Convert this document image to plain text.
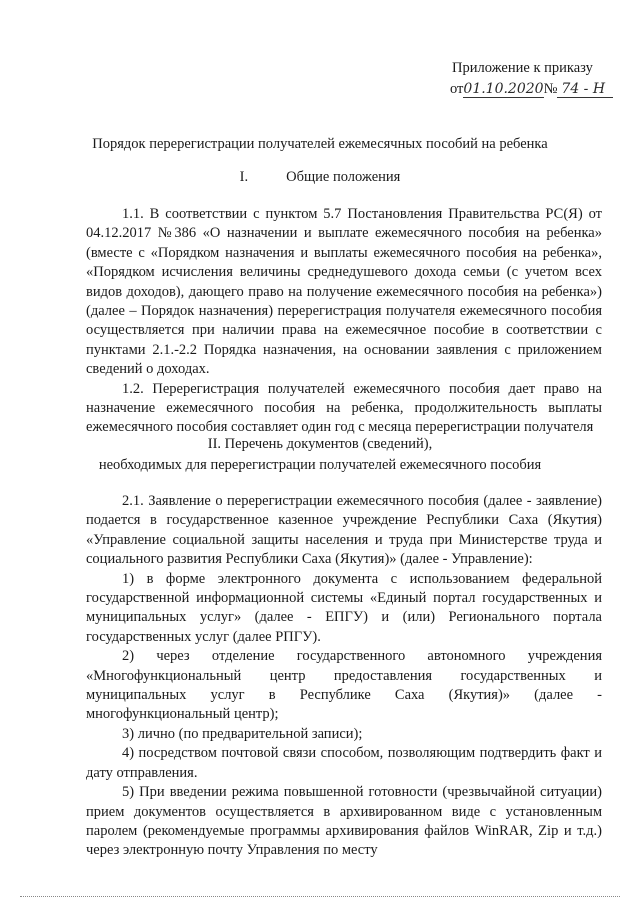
Приложение к приказу
от 01.10.2020 № 74 - Н
Порядок перерегистрации получателей ежемесячных пособий на ребенка
I.	Общие положения

1.1. В соответствии с пунктом 5.7 Постановления Правительства РС(Я) от 04.12.2017 №386 «О назначении и выплате ежемесячного пособия на ребенка» (вместе с «Порядком назначения и выплаты ежемесячного пособия на ребенка», «Порядком исчисления величины среднедушевого дохода семьи (с учетом всех видов доходов), дающего право на получение ежемесячного пособия на ребенка») (далее – Порядок назначения) перерегистрация получателя ежемесячного пособия осуществляется при наличии права на ежемесячное пособие в соответствии с пунктами 2.1.-2.2 Порядка назначения, на основании заявления с приложением сведений о доходах.

1.2. Перерегистрация получателей ежемесячного пособия дает право на назначение ежемесячного пособия на ребенка, продолжительность выплаты ежемесячного пособия составляет один год с месяца перерегистрации получателя

II. Перечень документов (сведений),
необходимых для перерегистрации получателей ежемесячного пособия

2.1. Заявление о перерегистрации ежемесячного пособия (далее - заявление) подается в государственное казенное учреждение Республики Саха (Якутия) «Управление социальной защиты населения и труда при Министерстве труда и социального развития Республики Саха (Якутия)» (далее - Управление):

1) в форме электронного документа с использованием федеральной государственной информационной системы «Единый портал государственных и муниципальных услуг» (далее - ЕПГУ) и (или) Регионального портала государственных услуг (далее РПГУ).

2) через отделение государственного автономного учреждения «Многофункциональный центр предоставления государственных и муниципальных услуг в Республике Саха (Якутия)» (далее - многофункциональный центр);

3) лично (по предварительной записи);

4) посредством почтовой связи способом, позволяющим подтвердить факт и дату отправления.

5) При введении режима повышенной готовности (чрезвычайной ситуации) прием документов осуществляется в архивированном виде с установленным паролем (рекомендуемые программы архивирования файлов WinRAR, Zip и т.д.) через электронную почту Управления по месту
